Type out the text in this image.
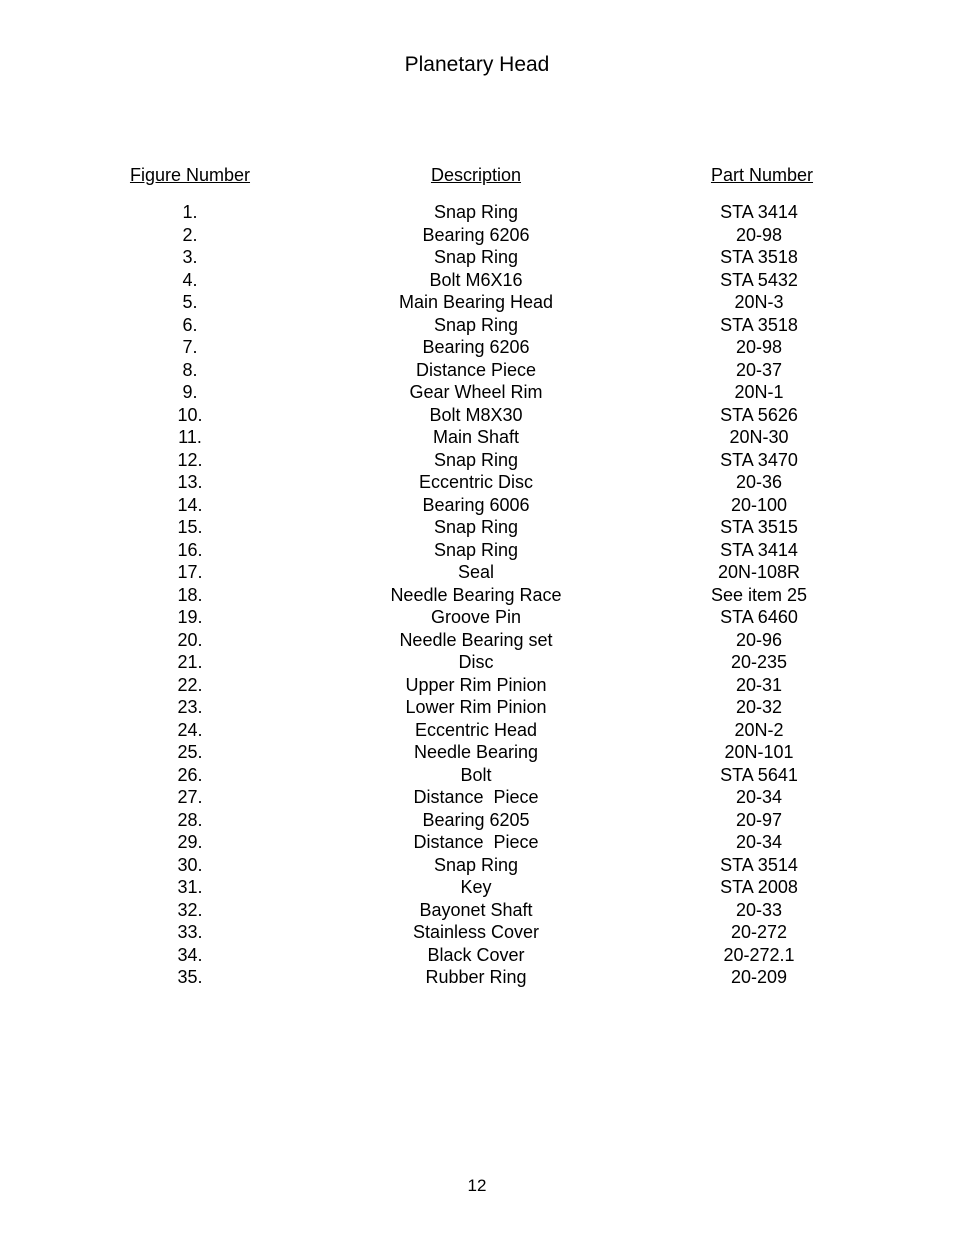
Planetary Head
Figure Number	Description	Part Number
1.	Snap Ring	STA 3414
2.	Bearing 6206	20-98
3.	Snap Ring	STA 3518
4.	Bolt M6X16	STA 5432
5.	Main Bearing Head	20N-3
6.	Snap Ring	STA 3518
7.	Bearing 6206	20-98
8.	Distance Piece	20-37
9.	Gear Wheel Rim	20N-1
10.	Bolt M8X30	STA 5626
11.	Main Shaft	20N-30
12.	Snap Ring	STA 3470
13.	Eccentric Disc	20-36
14.	Bearing 6006	20-100
15.	Snap Ring	STA 3515
16.	Snap Ring	STA 3414
17.	Seal	20N-108R
18.	Needle Bearing Race	See item 25
19.	Groove Pin	STA 6460
20.	Needle Bearing set	20-96
21.	Disc	20-235
22.	Upper Rim Pinion	20-31
23.	Lower Rim Pinion	20-32
24.	Eccentric Head	20N-2
25.	Needle Bearing	20N-101
26.	Bolt	STA 5641
27.	Distance  Piece	20-34
28.	Bearing 6205	20-97
29.	Distance  Piece	20-34
30.	Snap Ring	STA 3514
31.	Key	STA 2008
32.	Bayonet Shaft	20-33
33.	Stainless Cover	20-272
34.	Black Cover	20-272.1
35.	Rubber Ring	20-209
12
